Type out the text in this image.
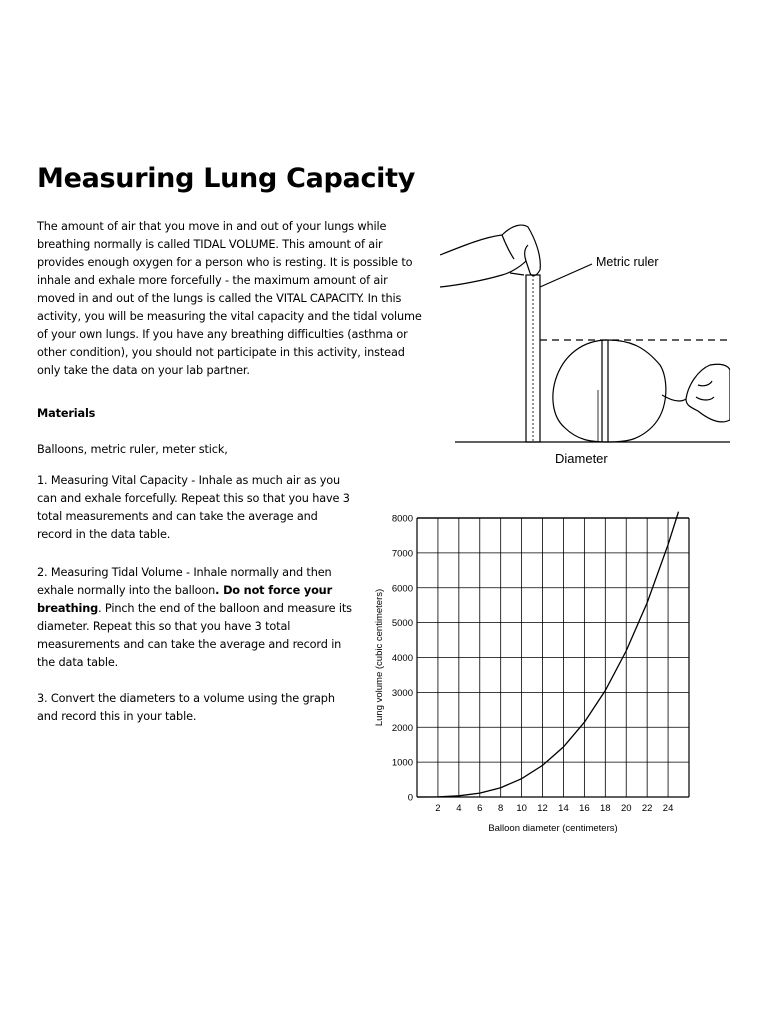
Measuring Lung Capacity
The amount of air that you move in and out of your lungs while breathing normally is called TIDAL VOLUME. This amount of air provides enough oxygen for a person who is resting. It is possible to inhale and exhale more forcefully - the maximum amount of air moved in and out of the lungs is called the VITAL CAPACITY. In this activity, you will be measuring the vital capacity and the tidal volume of your own lungs. If you have any breathing difficulties (asthma or other condition), you should not participate in this activity, instead only take the data on your lab partner.
Materials
Balloons, metric ruler, meter stick,
1. Measuring Vital Capacity - Inhale as much air as you can and exhale forcefully. Repeat this so that you have 3 total measurements and can take the average and record in the data table.
2. Measuring Tidal Volume - Inhale normally and then exhale normally into the balloon. Do not force your breathing. Pinch the end of the balloon and measure its diameter. Repeat this so that you have 3 total measurements and can take the average and record in the data table.
3. Convert the diameters to a volume using the graph and record this in your table.
Metric ruler
Diameter
2 4 6 8 10 12 14 16 18 20 22 24
0
1000
2000
3000
4000
5000
6000
7000
8000
Balloon diameter (centimeters)
Lung volume (cubic centimeters)
